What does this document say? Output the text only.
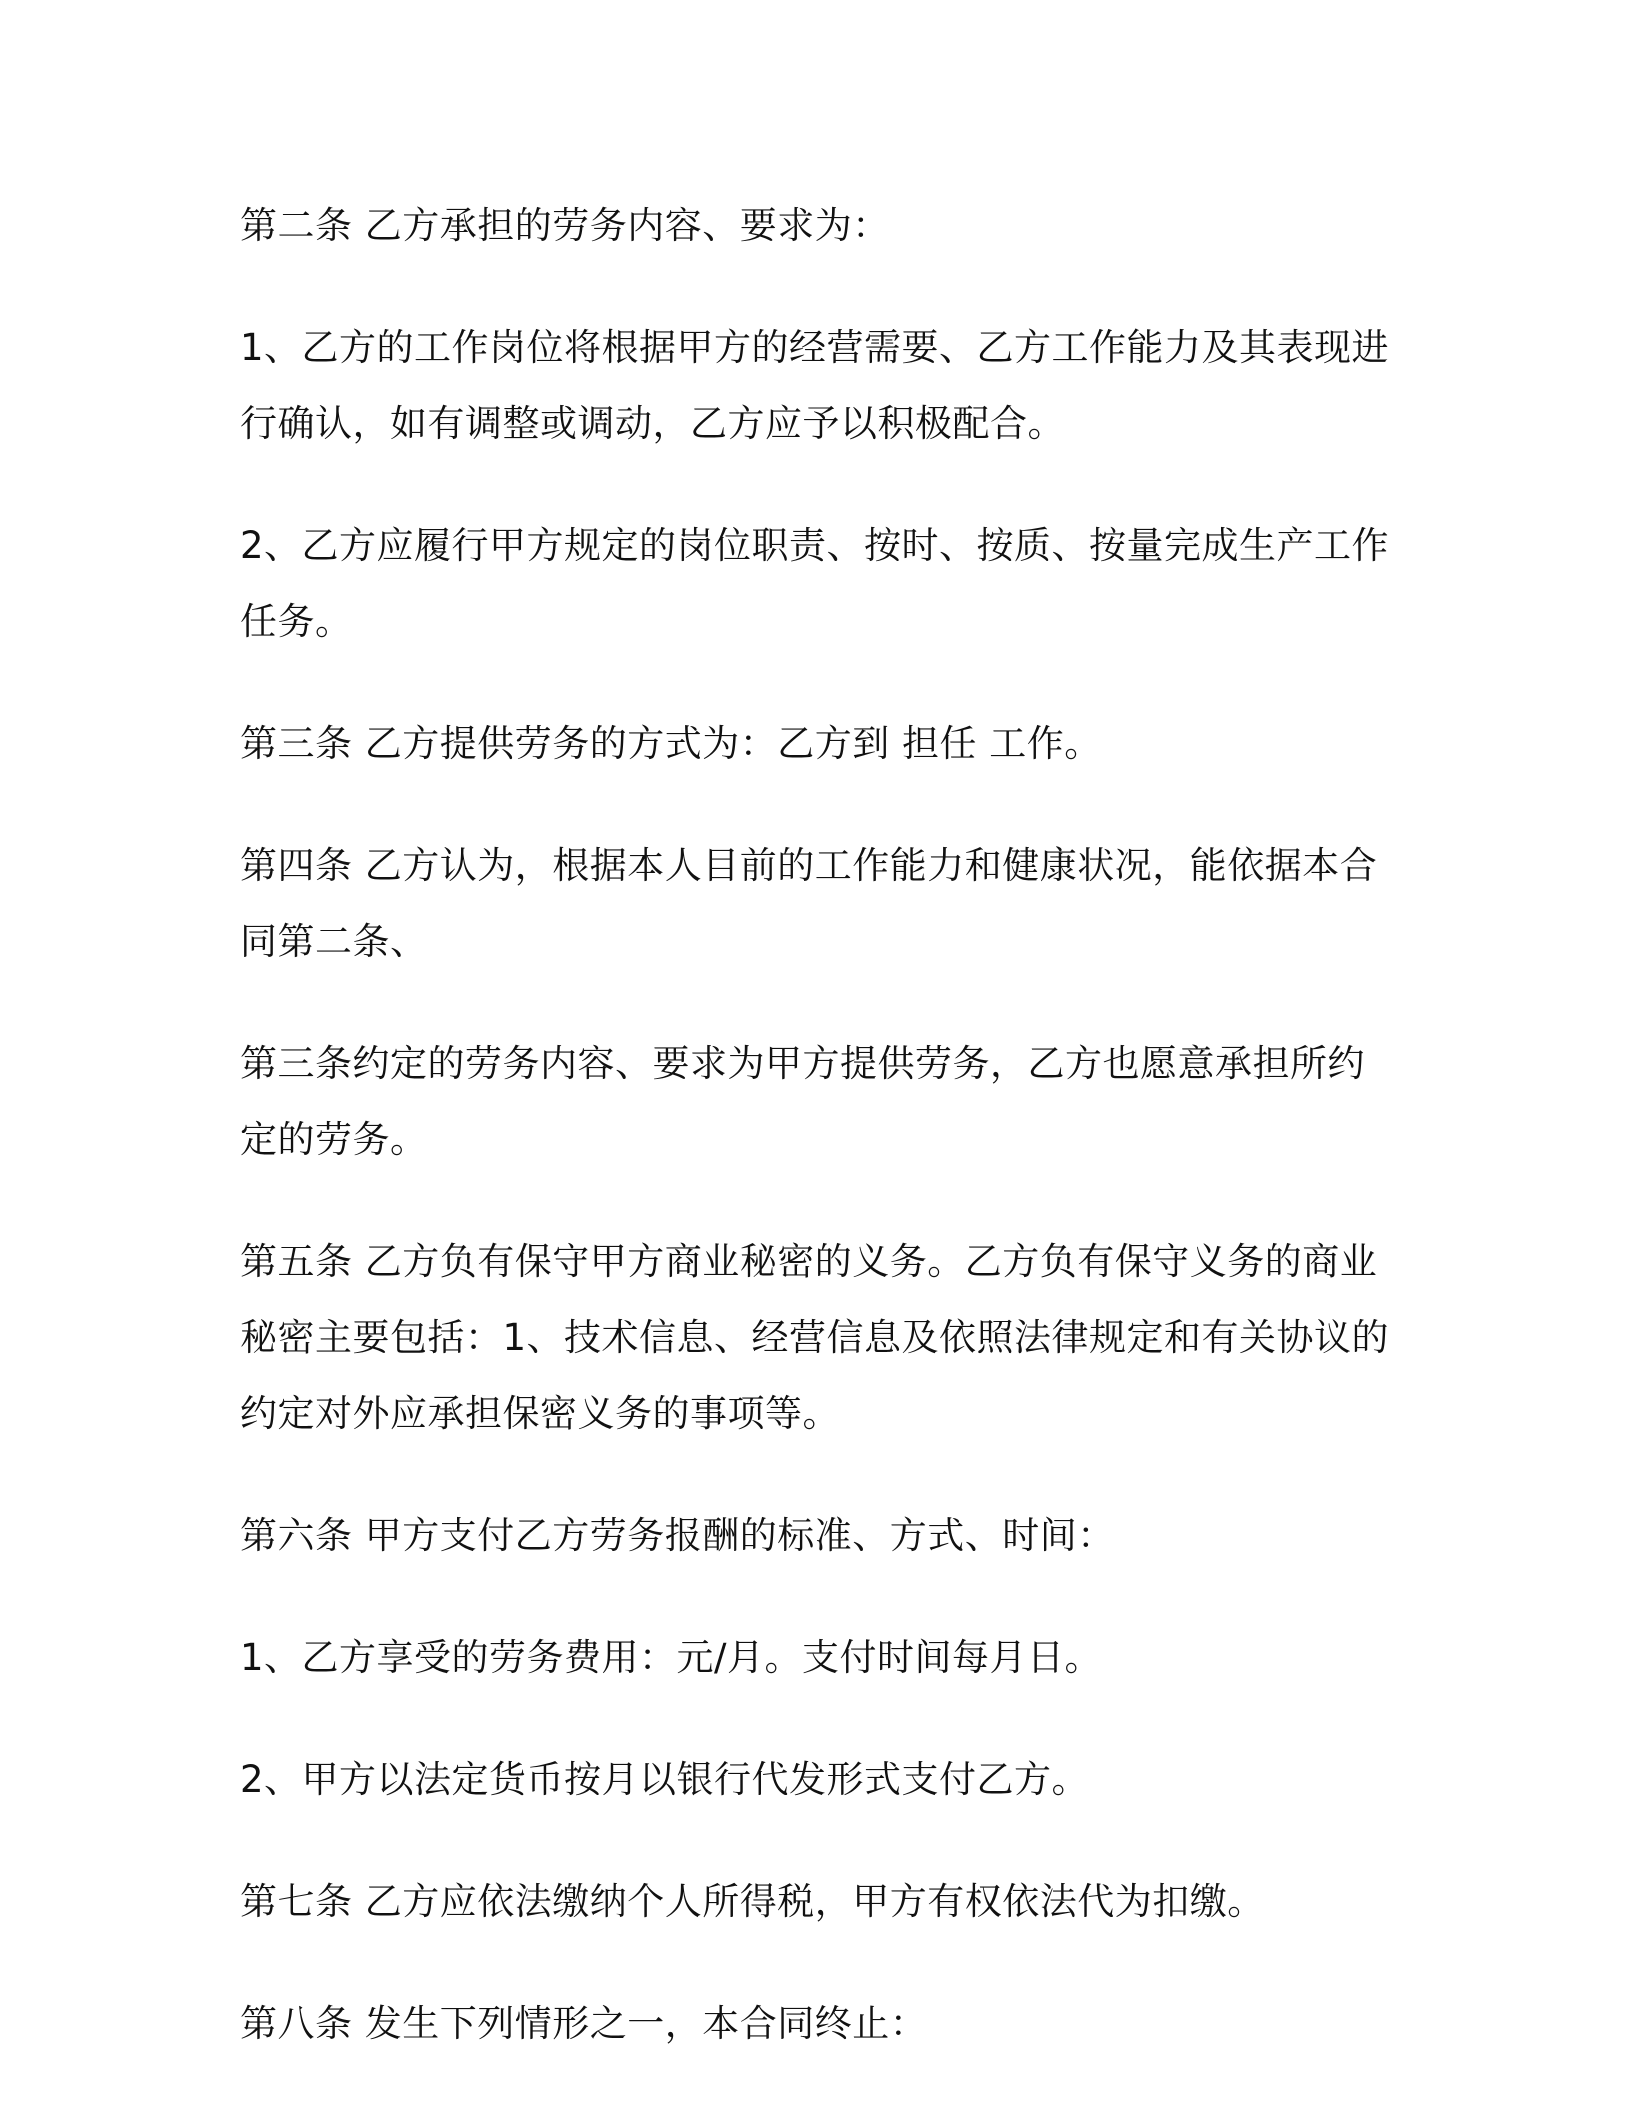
第二条 乙方承担的劳务内容、要求为：

1、乙方的工作岗位将根据甲方的经营需要、乙方工作能力及其表现进行确认，如有调整或调动，乙方应予以积极配合。

2、乙方应履行甲方规定的岗位职责、按时、按质、按量完成生产工作任务。

第三条 乙方提供劳务的方式为：乙方到 担任 工作。

第四条 乙方认为，根据本人目前的工作能力和健康状况，能依据本合同第二条、

第三条约定的劳务内容、要求为甲方提供劳务，乙方也愿意承担所约定的劳务。

第五条 乙方负有保守甲方商业秘密的义务。乙方负有保守义务的商业秘密主要包括：1、技术信息、经营信息及依照法律规定和有关协议的约定对外应承担保密义务的事项等。

第六条 甲方支付乙方劳务报酬的标准、方式、时间：

1、乙方享受的劳务费用：元/月。支付时间每月日。

2、甲方以法定货币按月以银行代发形式支付乙方。

第七条 乙方应依法缴纳个人所得税，甲方有权依法代为扣缴。

第八条 发生下列情形之一，本合同终止：
